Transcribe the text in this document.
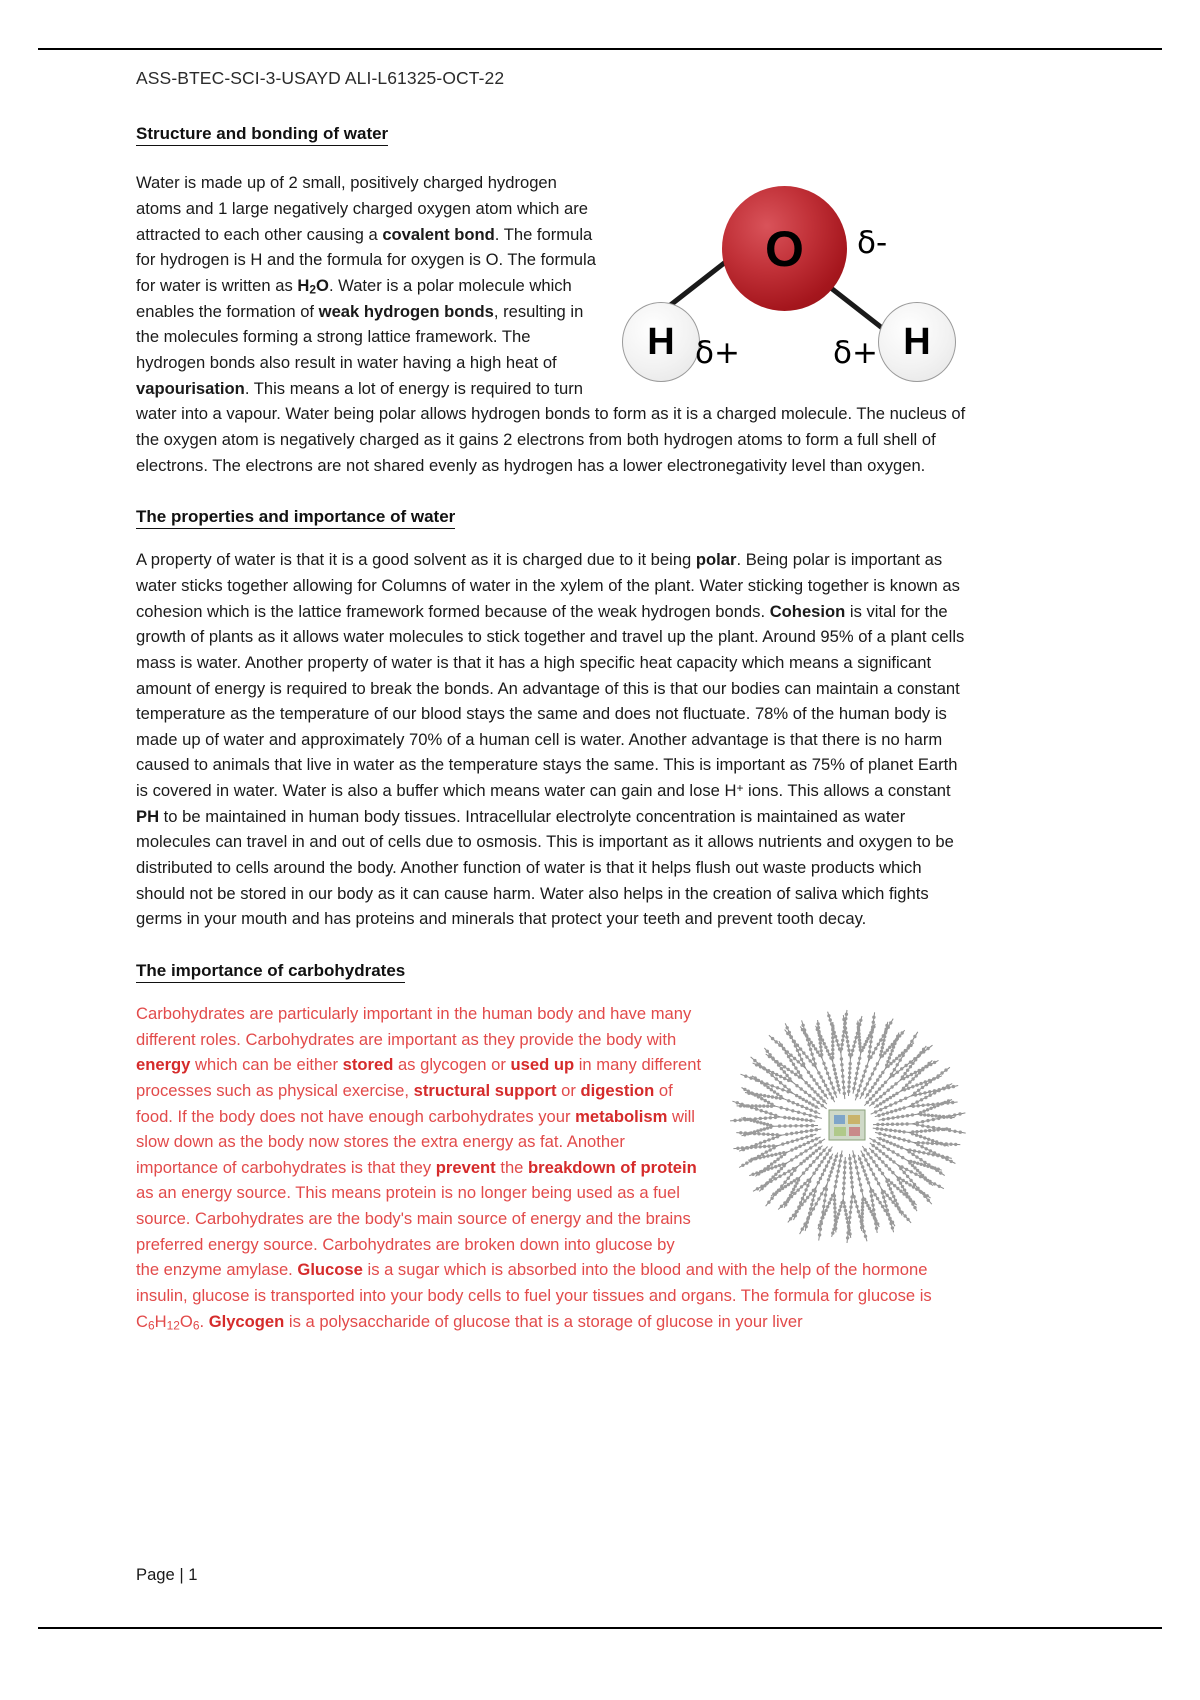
ASS-BTEC-SCI-3-USAYD ALI-L61325-OCT-22
Structure and bonding of water
O
H	H
δ-
δ+	δ+

Water is made up of 2 small, positively charged hydrogen atoms and 1 large negatively charged oxygen atom which are attracted to each other causing a covalent bond. The formula for hydrogen is H and the formula for oxygen is O. The formula for water is written as $H_2O$. Water is a polar molecule which enables the formation of weak hydrogen bonds, resulting in the molecules forming a strong lattice framework. The hydrogen bonds also result in water having a high heat of vapourisation. This means a lot of energy is required to turn water into a vapour. Water being polar allows hydrogen bonds to form as it is a charged molecule. The nucleus of the oxygen atom is negatively charged as it gains 2 electrons from both hydrogen atoms to form a full shell of electrons. The electrons are not shared evenly as hydrogen has a lower electronegativity level than oxygen.

The properties and importance of water

A property of water is that it is a good solvent as it is charged due to it being polar. Being polar is important as water sticks together allowing for Columns of water in the xylem of the plant. Water sticking together is known as cohesion which is the lattice framework formed because of the weak hydrogen bonds. Cohesion is vital for the growth of plants as it allows water molecules to stick together and travel up the plant. Around 95% of a plant cells mass is water. Another property of water is that it has a high specific heat capacity which means a significant amount of energy is required to break the bonds. An advantage of this is that our bodies can maintain a constant temperature as the temperature of our blood stays the same and does not fluctuate. 78% of the human body is made up of water and approximately 70% of a human cell is water. Another advantage is that there is no harm caused to animals that live in water as the temperature stays the same. This is important as 75% of planet Earth is covered in water. Water is also a buffer which means water can gain and lose H+ ions. This allows a constant PH to be maintained in human body tissues. Intracellular electrolyte concentration is maintained as water molecules can travel in and out of cells due to osmosis. This is important as it allows nutrients and oxygen to be distributed to cells around the body. Another function of water is that it helps flush out waste products which should not be stored in our body as it can cause harm. Water also helps in the creation of saliva which fights germs in your mouth and has proteins and minerals that protect your teeth and prevent tooth decay.

The importance of carbohydrates

Carbohydrates are particularly important in the human body and have many different roles. Carbohydrates are important as they provide the body with energy which can be either stored as glycogen or used up in many different processes such as physical exercise, structural support or digestion of food. If the body does not have enough carbohydrates your metabolism will slow down as the body now stores the extra energy as fat. Another importance of carbohydrates is that they prevent the breakdown of protein as an energy source. This means protein is no longer being used as a fuel source. Carbohydrates are the body's main source of energy and the brains preferred energy source. Carbohydrates are broken down into glucose by the enzyme amylase. Glucose is a sugar which is absorbed into the blood and with the help of the hormone insulin, glucose is transported into your body cells to fuel your tissues and organs. The formula for glucose is $C_6H_{12}O_6$. Glycogen is a polysaccharide of glucose that is a storage of glucose in your liver

Page | 1
